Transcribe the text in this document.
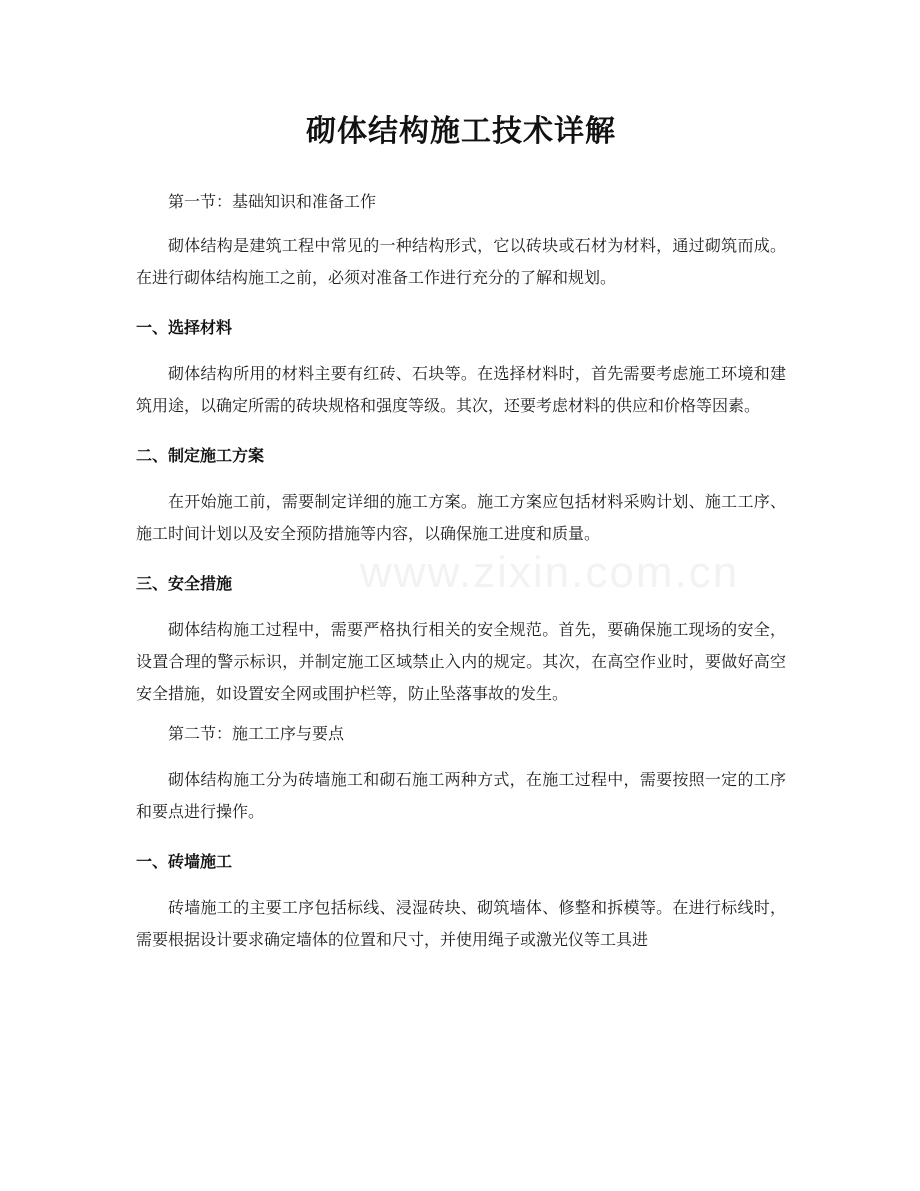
www.zixin.com.cn
砌体结构施工技术详解

第一节：基础知识和准备工作

砌体结构是建筑工程中常见的一种结构形式，它以砖块或石材为材料，通过砌筑而成。在进行砌体结构施工之前，必须对准备工作进行充分的了解和规划。

一、选择材料

砌体结构所用的材料主要有红砖、石块等。在选择材料时，首先需要考虑施工环境和建筑用途，以确定所需的砖块规格和强度等级。其次，还要考虑材料的供应和价格等因素。

二、制定施工方案

在开始施工前，需要制定详细的施工方案。施工方案应包括材料采购计划、施工工序、施工时间计划以及安全预防措施等内容，以确保施工进度和质量。

三、安全措施

砌体结构施工过程中，需要严格执行相关的安全规范。首先，要确保施工现场的安全，设置合理的警示标识，并制定施工区域禁止入内的规定。其次，在高空作业时，要做好高空安全措施，如设置安全网或围护栏等，防止坠落事故的发生。

第二节：施工工序与要点

砌体结构施工分为砖墙施工和砌石施工两种方式，在施工过程中，需要按照一定的工序和要点进行操作。

一、砖墙施工

砖墙施工的主要工序包括标线、浸湿砖块、砌筑墙体、修整和拆模等。在进行标线时，需要根据设计要求确定墙体的位置和尺寸，并使用绳子或激光仪等工具进
